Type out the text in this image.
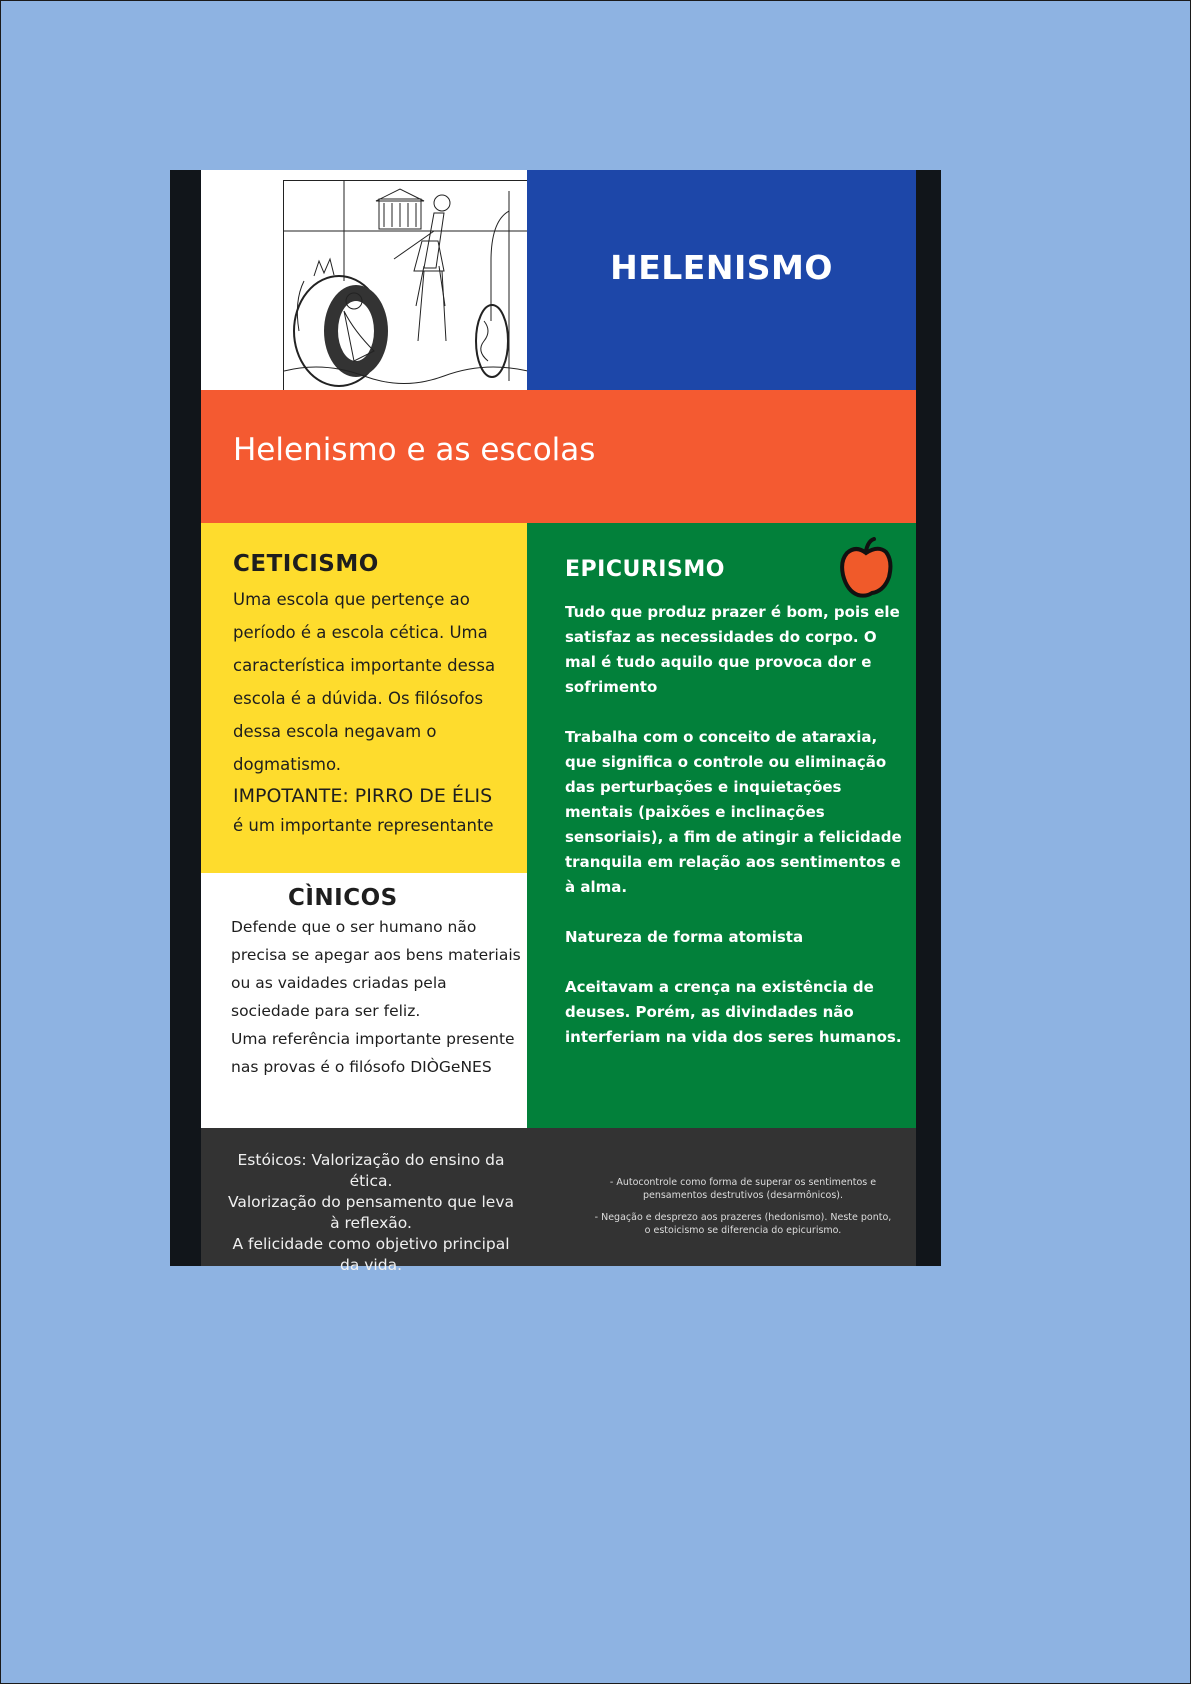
HELENISMO
Helenismo e as escolas
CETICISMO
Uma escola que pertençe ao
período é a escola cética. Uma
característica importante dessa
escola é a dúvida. Os filósofos
dessa escola negavam o
dogmatismo.
IMPOTANTE: PIRRO DE ÉLIS
é um importante representante
CÌNICOS
Defende que o ser humano não
precisa se apegar aos bens materiais
ou as vaidades criadas pela
sociedade para ser feliz.
Uma referência importante presente
nas provas é o filósofo DIÒGeNES
EPICURISMO

Tudo que produz prazer é bom, pois ele satisfaz as necessidades do corpo. O mal é tudo aquilo que provoca dor e sofrimento

Trabalha com o conceito de ataraxia, que significa o controle ou eliminação das perturbações e inquietações mentais (paixões e inclinações sensoriais), a fim de atingir a felicidade tranquila em relação aos sentimentos e à alma.

Natureza de forma atomista

Aceitavam a crença na existência de deuses. Porém, as divindades não interferiam na vida dos seres humanos.

Estóicos: Valorização do ensino da ética.
Valorização do pensamento que leva à reflexão.
A felicidade como objetivo principal da vida.

- Autocontrole como forma de superar os sentimentos e pensamentos destrutivos (desarmônicos).

- Negação e desprezo aos prazeres (hedonismo). Neste ponto, o estoicismo se diferencia do epicurismo.
